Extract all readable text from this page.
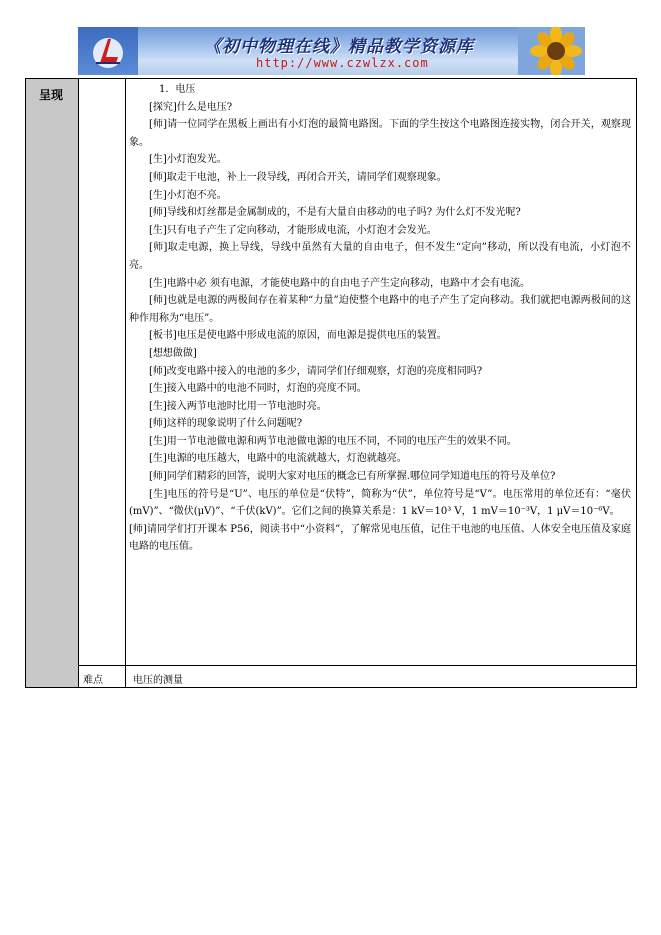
《初中物理在线》精品教学资源库
http://www.czwlzx.com
呈现	1．电压

[探究]什么是电压?

[师]请一位同学在黑板上画出有小灯泡的最简电路图。下面的学生按这个电路图连接实物，闭合开关，观察现象。

[生]小灯泡发光。

[师]取走干电池，补上一段导线，再闭合开关，请同学们观察现象。

[生]小灯泡不亮。

[师]导线和灯丝都是金属制成的，不是有大量自由移动的电子吗? 为什么灯不发光呢?

[生]只有电子产生了定向移动，才能形成电流，小灯泡才会发光。

[师]取走电源，换上导线，导线中虽然有大量的自由电子，但不发生“定向”移动，所以没有电流，小灯泡不亮。

[生]电路中必 须有电源，才能使电路中的自由电子产生定向移动，电路中才会有电流。

[师]也就是电源的两极间存在着某种“力量”迫使整个电路中的电子产生了定向移动。我们就把电源两极间的这种作用称为“电压”。

[板书]电压是使电路中形成电流的原因，而电源是提供电压的装置。

[想想做做]

[师]改变电路中接入的电池的多少，请同学们仔细观察，灯泡的亮度相同吗?

[生]接入电路中的电池不同时，灯泡的亮度不同。

[生]接入两节电池时比用一节电池时亮。

[师]这样的现象说明了什么问题呢?

[生]用一节电池做电源和两节电池做电源的电压不同，不同的电压产生的效果不同。

[生]电源的电压越大，电路中的电流就越大，灯泡就越亮。

[师]同学们精彩的回答，说明大家对电压的概念已有所掌握.哪位同学知道电压的符号及单位?

[生]电压的符号是“U”、电压的单位是“伏特”，简称为“伏”，单位符号是“V”。电压常用的单位还有：“毫伏(mV)”、“微伏(μV)”、“千伏(kV)”。它们之间的换算关系是：1 kV＝10³ V，1 mV＝10⁻³V，1 μV＝10⁻⁶V。

[师]请同学们打开课本 P56，阅读书中“小资料”，了解常见电压值，记住干电池的电压值、人体安全电压值及家庭电路的电压值。

难点	电压的测量
